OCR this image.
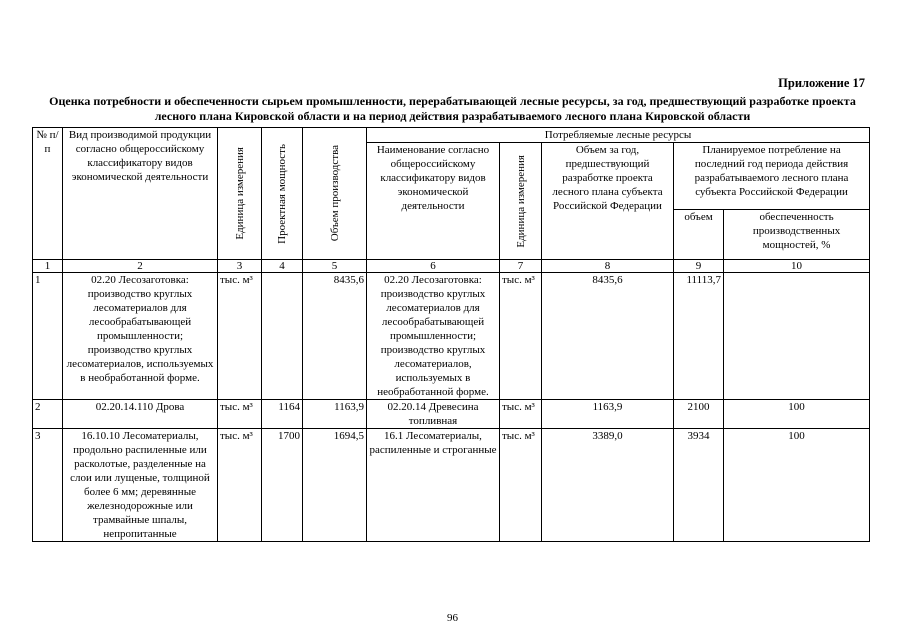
Приложение 17
Оценка потребности и обеспеченности сырьем промышленности, перерабатывающей лесные ресурсы, за год, предшествующий разработке проекта лесного плана Кировской области и на период действия разрабатываемого лесного плана Кировской области
№ п/п	Вид производимой продукции согласно общероссийскому классификатору видов экономической деятельности	Единица измерения	Проектная мощность	Объем производства	Потребляемые лесные ресурсы				
					Наименование согласно общероссийскому классификатору видов экономической деятельности	Единица измерения	Объем за год, предшествующий разработке проекта лесного плана субъекта Российской Федерации	Планируемое потребление на последний год периода действия разрабатываемого лесного плана субъекта Российской Федерации	
								объем	обеспеченность производственных мощностей, %
1	2	3	4	5	6	7	8	9	10
1	02.20 Лесозаготовка: производство круглых лесоматериалов для лесообрабатывающей промышленности; производство круглых лесоматериалов, используемых в необработанной форме.	тыс. м³		8435,6	02.20 Лесозаготовка: производство круглых лесоматериалов для лесообрабатывающей промышленности; производство круглых лесоматериалов, используемых в необработанной форме.	тыс. м³	8435,6	11113,7	
2	02.20.14.110 Дрова	тыс. м³	1164	1163,9	02.20.14 Древесина топливная	тыс. м³	1163,9	2100	100
3	16.10.10 Лесоматериалы, продольно распиленные или расколотые, разделенные на слои или лущеные, толщиной более 6 мм; деревянные железнодорожные или трамвайные шпалы, непропитанные	тыс. м³	1700	1694,5	16.1 Лесоматериалы, распиленные и строганные	тыс. м³	3389,0	3934	100
96
